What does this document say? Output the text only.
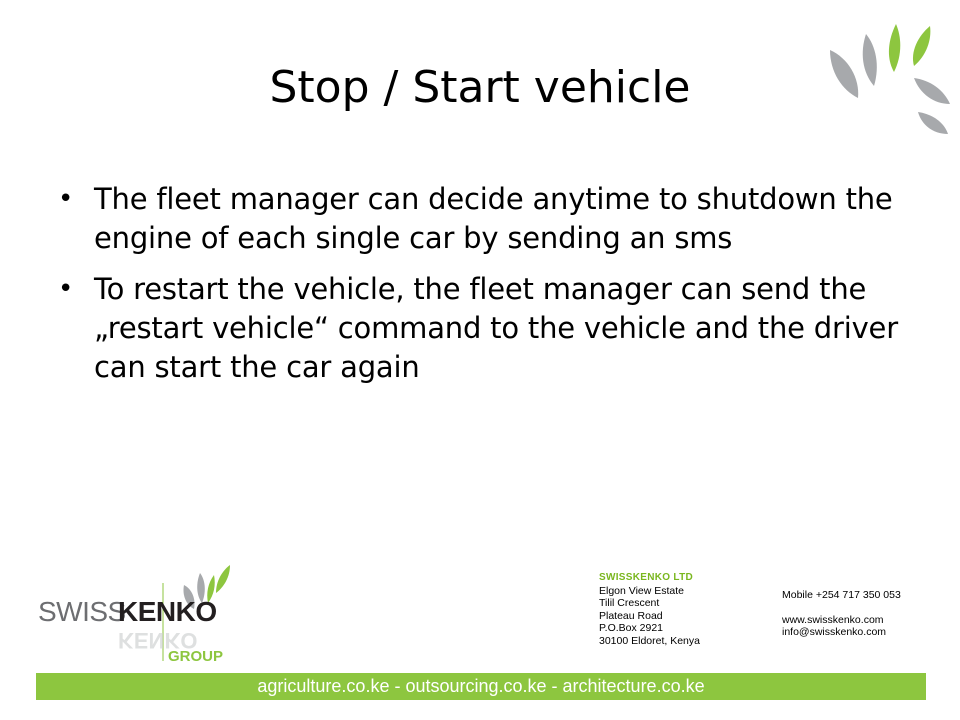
Stop / Start vehicle
• The fleet manager can decide anytime to shutdown the engine of each single car by sending an sms
• To restart the vehicle, the fleet manager can send the „restart vehicle“ command to the vehicle and the driver can start the car again
SWISS
KENKO
KENKO
GROUP
SWISSKENKO LTD
Elgon View Estate
Tilil Crescent
Plateau Road
P.O.Box 2921
30100 Eldoret, Kenya
Mobile +254 717 350 053
www.swisskenko.com
info@swisskenko.com
agriculture.co.ke - outsourcing.co.ke - architecture.co.ke
